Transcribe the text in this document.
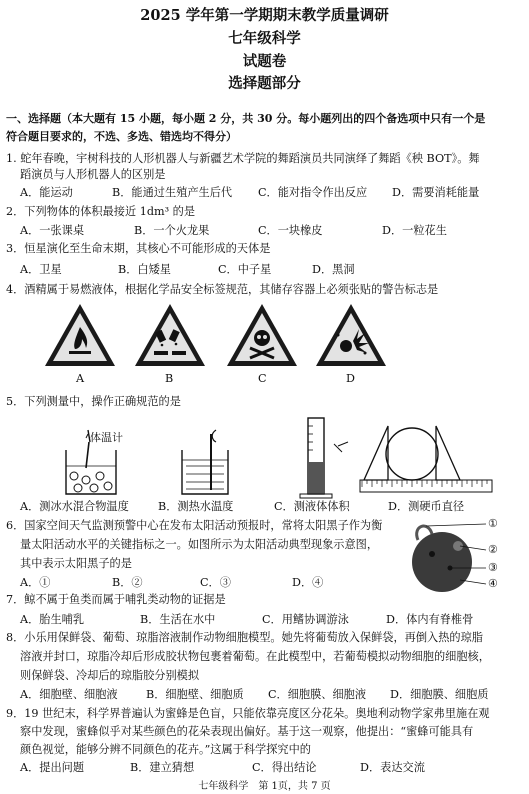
2025 学年第一学期期末教学质量调研
七年级科学
试题卷
选择题部分
一、选择题（本大题有 15 小题，每小题 2 分，共 30 分。每小题列出的四个备选项中只有一个是
符合题目要求的，不选、多选、错选均不得分）
1. 蛇年春晚，宇树科技的人形机器人与新疆艺术学院的舞蹈演员共同演绎了舞蹈《秧 BOT》。舞
蹈演员与人形机器人的区别是
A．能运动	B．能通过生殖产生后代 C．能对指令作出反应 D．需要消耗能量
2．下列物体的体积最接近 1dm³ 的是
A．一张课桌	B．一个火龙果	C．一块橡皮	D．一粒花生
3．恒星演化至生命末期，其核心不可能形成的天体是
A．卫星	B．白矮星	C．中子星	D．黑洞
4．酒精属于易燃液体，根据化学品安全标签规范，其储存容器上必须张贴的警告标志是
A	B	C	D
5．下列测量中，操作正确规范的是
体温计
A．测冰水混合物温度	B．测热水温度	C．测液体体积	D．测硬币直径
6．国家空间天气监测预警中心在发布太阳活动预报时，常将太阳黑子作为衡
量太阳活动水平的关键指标之一。如图所示为太阳活动典型现象示意图，
其中表示太阳黑子的是
A．①	B．②	C．③	D．④
①
②
③
④
7．鲸不属于鱼类而属于哺乳类动物的证据是
A．胎生哺乳	B．生活在水中	C．用鳍协调游泳	D．体内有脊椎骨
8．小乐用保鲜袋、葡萄、琼脂溶液制作动物细胞模型。她先将葡萄放入保鲜袋，再倒入热的琼脂
溶液并封口，琼脂冷却后形成胶状物包裹着葡萄。在此模型中，若葡萄模拟动物细胞的细胞核，
则保鲜袋、冷却后的琼脂胶分别模拟
A．细胞壁、细胞液	B．细胞壁、细胞质 C．细胞膜、细胞液 D．细胞膜、细胞质
9．19 世纪末，科学界普遍认为蜜蜂是色盲，只能依靠亮度区分花朵。奥地利动物学家弗里施在观
察中发现，蜜蜂似乎对某些颜色的花朵表现出偏好。基于这一观察，他提出：“蜜蜂可能具有
颜色视觉，能够分辨不同颜色的花卉。”这属于科学探究中的
A．提出问题	B．建立猜想	C．得出结论	D．表达交流
七年级科学　第 1页，共 7 页
